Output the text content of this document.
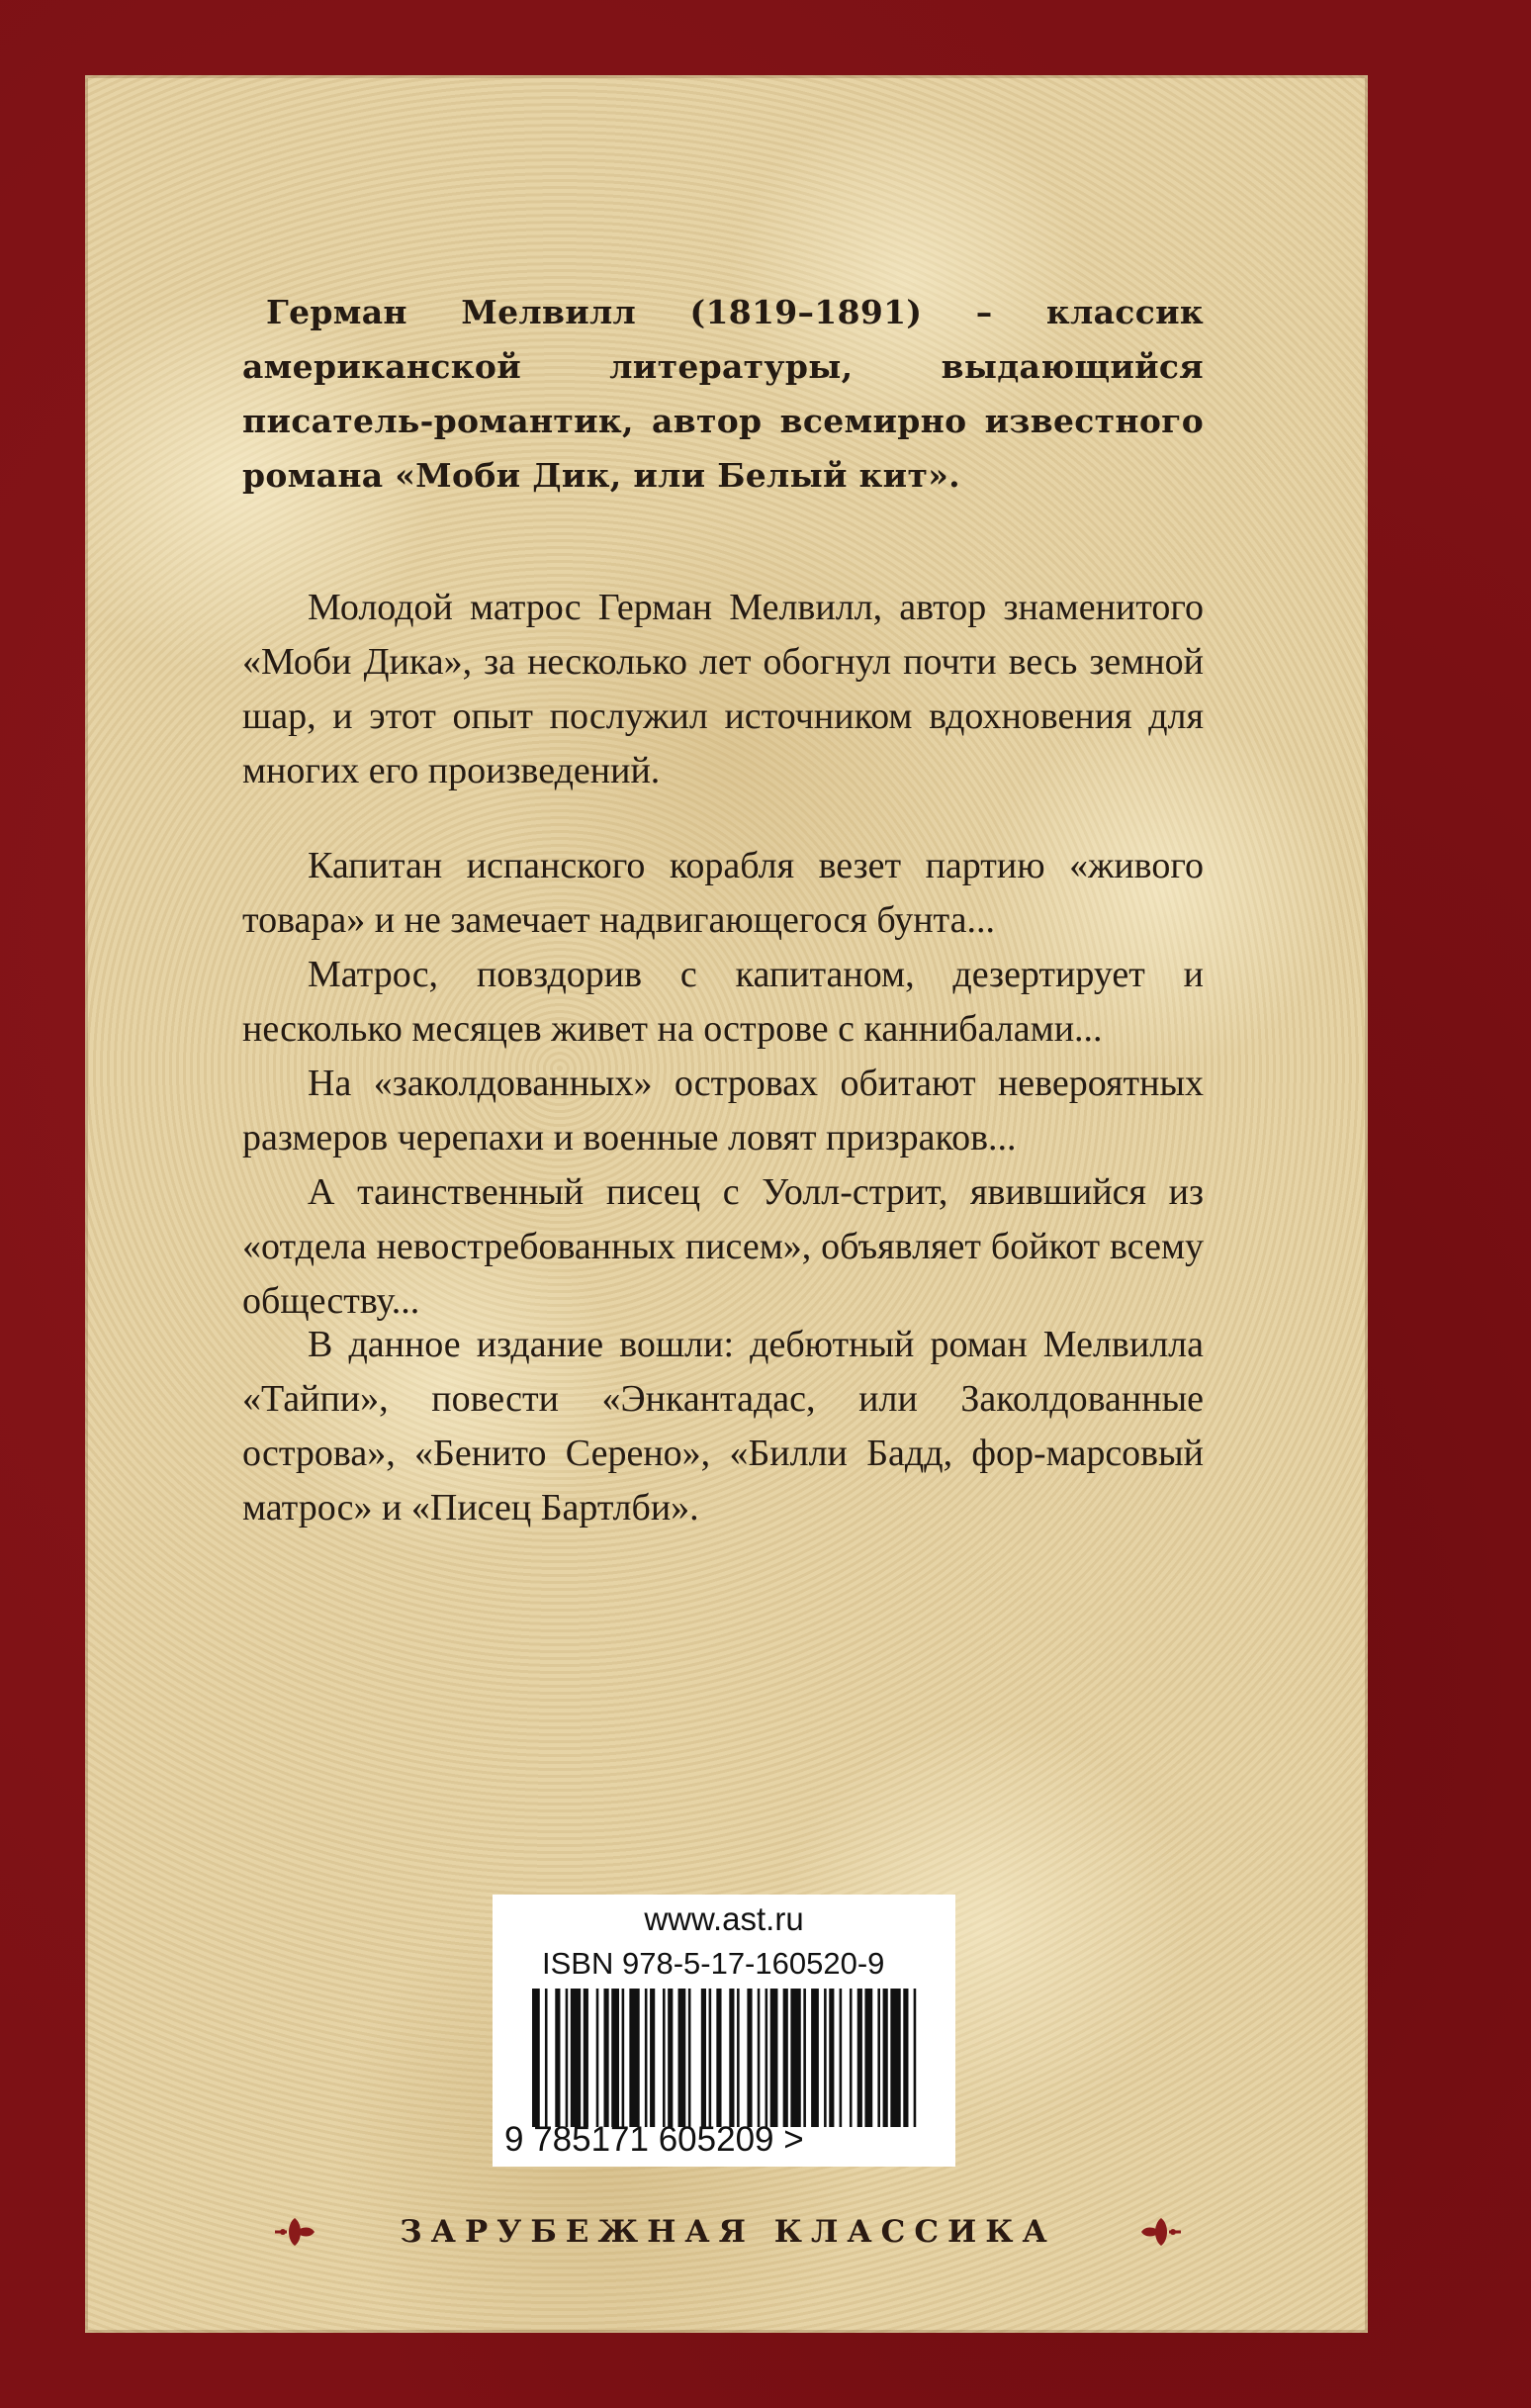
Герман Мелвилл (1819–1891) – классик американской литературы, выдающийся писатель-романтик, автор всемирно известного романа «Моби Дик, или Белый кит».

Молодой матрос Герман Мелвилл, автор знаменитого «Моби Дика», за несколько лет обогнул почти весь земной шар, и этот опыт послужил источником вдохновения для многих его произведений.

Капитан испанского корабля везет партию «живого товара» и не замечает надвигающегося бунта...

Матрос, повздорив с капитаном, дезертирует и несколько месяцев живет на острове с каннибалами...

На «заколдованных» островах обитают невероятных размеров черепахи и военные ловят призраков...

А таинственный писец с Уолл-стрит, явившийся из «отдела невостребованных писем», объявляет бойкот всему обществу...

В данное издание вошли: дебютный роман Мелвилла «Тайпи», повести «Энкантадас, или Заколдованные острова», «Бенито Серено», «Билли Бадд, фор-марсовый матрос» и «Писец Бартлби».

www.ast.ru
ISBN 978-5-17-160520-9
9 785171 605209 >
ЗАРУБЕЖНАЯ КЛАССИКА
